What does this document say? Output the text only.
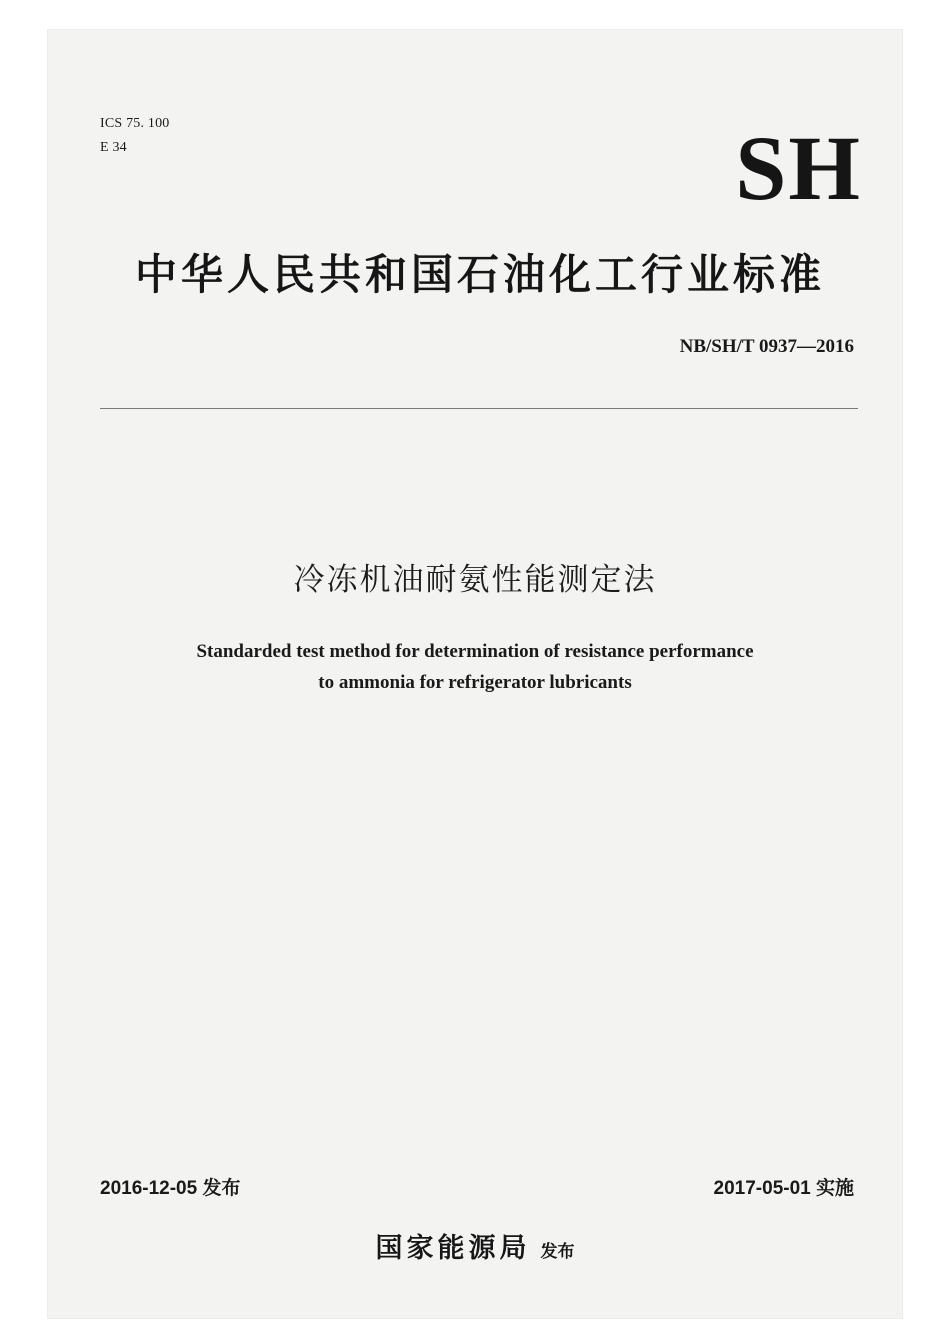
ICS 75. 100
E 34	SH
中华人民共和国石油化工行业标准
NB/SH/T 0937—2016
冷冻机油耐氨性能测定法
Standarded test method for determination of resistance performance
to ammonia for refrigerator lubricants
2016-12-05 发布	2017-05-01 实施
国家能源局 发布
